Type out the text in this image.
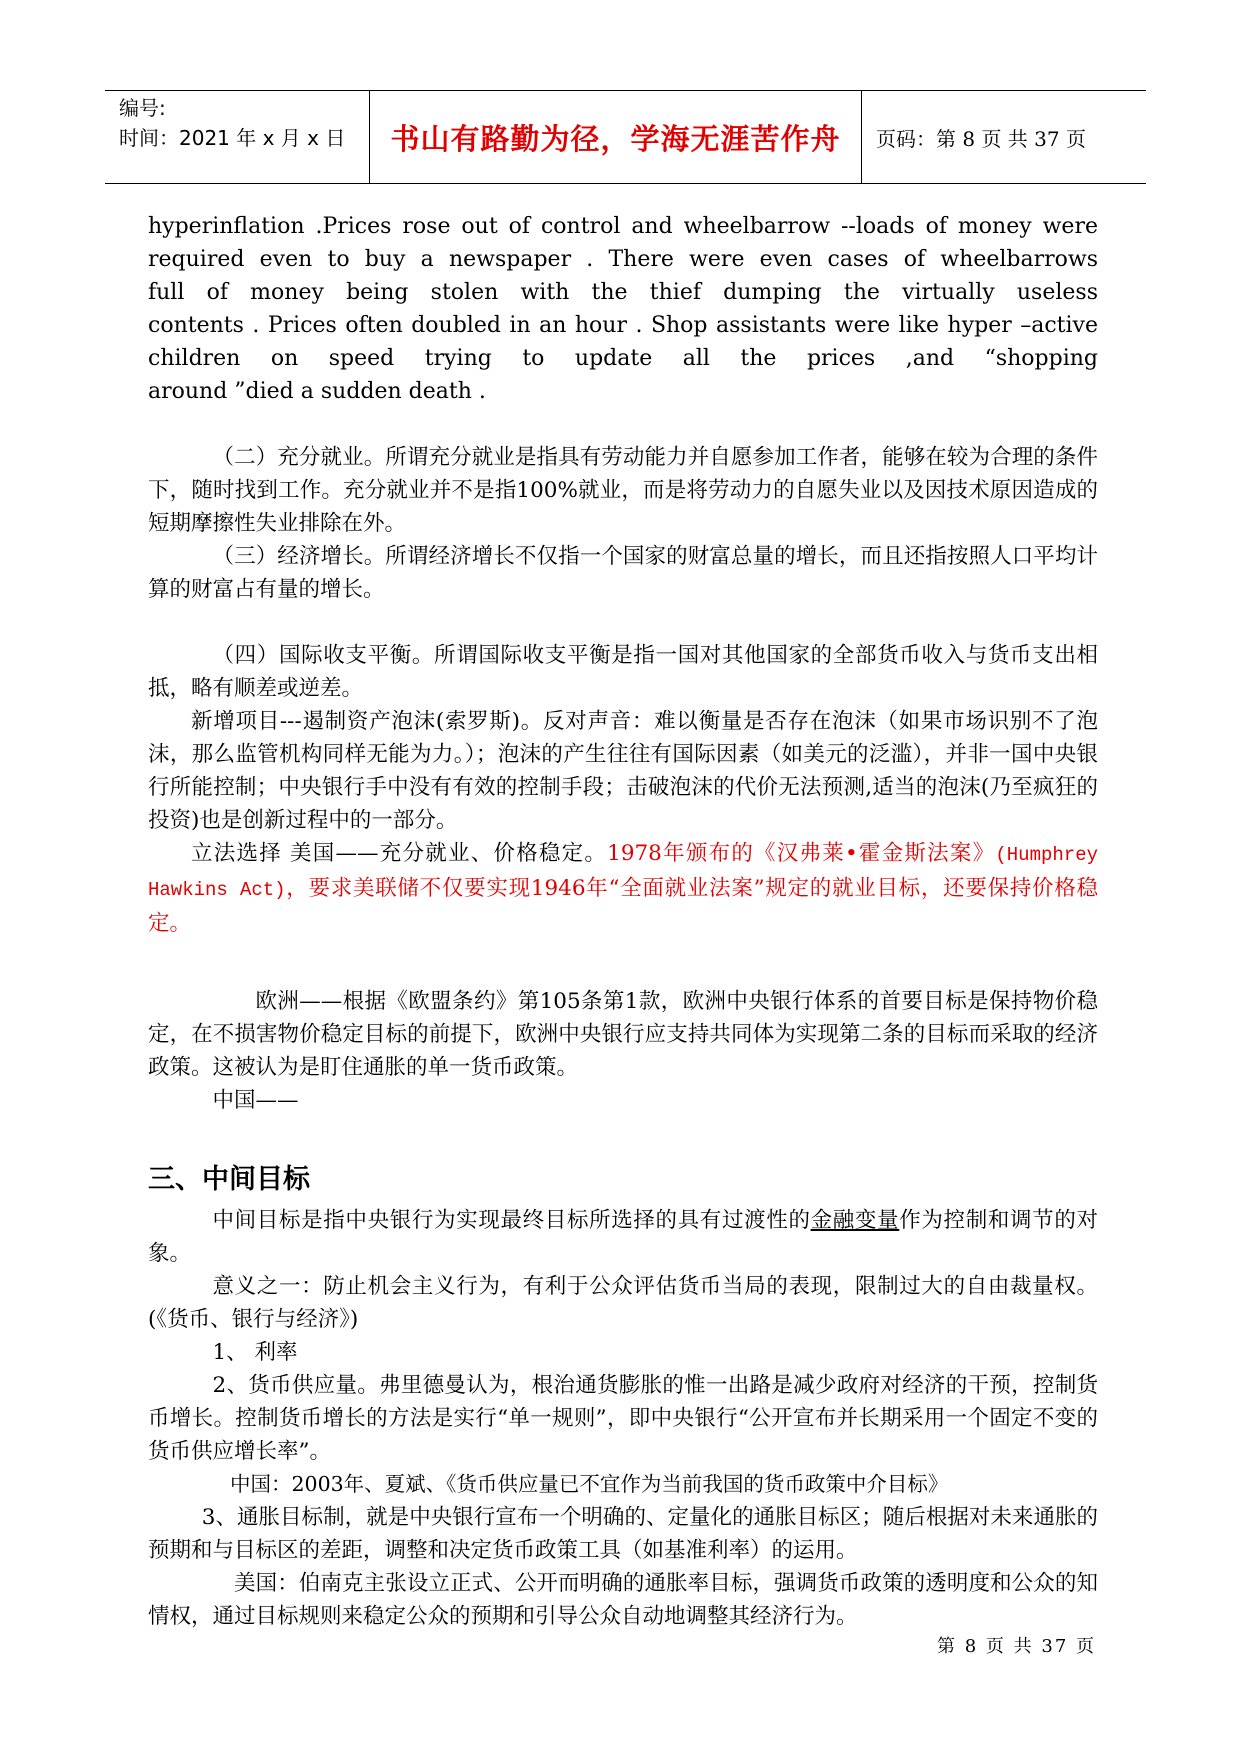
编号:
时间：2021 年 x 月 x 日	书山有路勤为径，学海无涯苦作舟 页码：第 8 页 共 37 页

hyperinflation .Prices rose out of control and wheelbarrow --loads of money were

required even to buy a newspaper . There were even cases of wheelbarrows

full of money being stolen with the thief dumping the virtually useless

contents . Prices often doubled in an hour . Shop assistants were like hyper –active

children on speed trying to update all the prices ,and “shopping

around ”died a sudden death .

（二）充分就业。所谓充分就业是指具有劳动能力并自愿参加工作者，能够在较为合理的条件下，随时找到工作。充分就业并不是指100%就业，而是将劳动力的自愿失业以及因技术原因造成的短期摩擦性失业排除在外。

（三）经济增长。所谓经济增长不仅指一个国家的财富总量的增长，而且还指按照人口平均计算的财富占有量的增长。

（四）国际收支平衡。所谓国际收支平衡是指一国对其他国家的全部货币收入与货币支出相抵，略有顺差或逆差。

新增项目---遏制资产泡沫(索罗斯)。反对声音：难以衡量是否存在泡沫（如果市场识别不了泡沫，那么监管机构同样无能为力。）；泡沫的产生往往有国际因素（如美元的泛滥），并非一国中央银行所能控制；中央银行手中没有有效的控制手段；击破泡沫的代价无法预测,适当的泡沫(乃至疯狂的投资)也是创新过程中的一部分。

立法选择 美国——充分就业、价格稳定。1978年颁布的《汉弗莱•霍金斯法案》(Humphrey Hawkins Act)，要求美联储不仅要实现1946年“全面就业法案”规定的就业目标，还要保持价格稳定。

欧洲——根据《欧盟条约》第105条第1款，欧洲中央银行体系的首要目标是保持物价稳定，在不损害物价稳定目标的前提下，欧洲中央银行应支持共同体为实现第二条的目标而采取的经济政策。这被认为是盯住通胀的单一货币政策。

中国——

三、中间目标

中间目标是指中央银行为实现最终目标所选择的具有过渡性的金融变量作为控制和调节的对象。

意义之一：防止机会主义行为，有利于公众评估货币当局的表现，限制过大的自由裁量权。(《货币、银行与经济》)

1、 利率

2、货币供应量。弗里德曼认为，根治通货膨胀的惟一出路是减少政府对经济的干预，控制货币增长。控制货币增长的方法是实行“单一规则”，即中央银行“公开宣布并长期采用一个固定不变的货币供应增长率”。

中国：2003年、夏斌、《货币供应量已不宜作为当前我国的货币政策中介目标》

3、通胀目标制，就是中央银行宣布一个明确的、定量化的通胀目标区；随后根据对未来通胀的预期和与目标区的差距，调整和决定货币政策工具（如基准利率）的运用。

美国：伯南克主张设立正式、公开而明确的通胀率目标，强调货币政策的透明度和公众的知情权，通过目标规则来稳定公众的预期和引导公众自动地调整其经济行为。

第 8 页 共 37 页
